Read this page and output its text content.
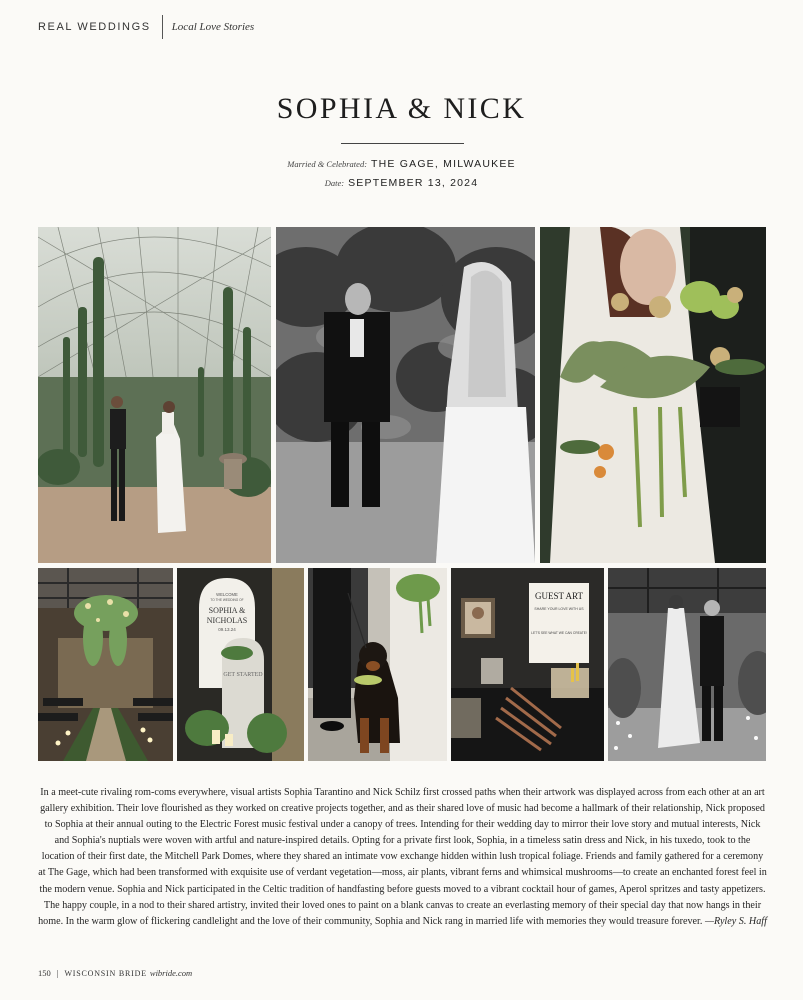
REAL WEDDINGS Local Love Stories
SOPHIA & NICK
Married & Celebrated: THE GAGE, MILWAUKEE
Date: SEPTEMBER 13, 2024
WELCOME
TO THE WEDDING OF
SOPHIA &
NICHOLAS
09.13.24
GET STARTED
GUEST ART
SHARE YOUR LOVE WITH US
LET'S SEE WHAT WE CAN CREATE!
In a meet-cute rivaling rom-coms everywhere, visual artists Sophia Tarantino and Nick Schilz first crossed paths when their artwork was displayed across from each other at an art gallery exhibition. Their love flourished as they worked on creative projects together, and as their shared love of music had become a hallmark of their relationship, Nick proposed to Sophia at their annual outing to the Electric Forest music festival under a canopy of trees. Intending for their wedding day to mirror their love story and mutual interests, Nick and Sophia's nuptials were woven with artful and nature-inspired details. Opting for a private first look, Sophia, in a timeless satin dress and Nick, in his tuxedo, took to the location of their first date, the Mitchell Park Domes, where they shared an intimate vow exchange hidden within lush tropical foliage. Friends and family gathered for a ceremony at The Gage, which had been transformed with exquisite use of verdant vegetation—moss, air plants, vibrant ferns and whimsical mushrooms—to create an enchanted forest feel in the modern venue. Sophia and Nick participated in the Celtic tradition of handfasting before guests moved to a vibrant cocktail hour of games, Aperol spritzes and tasty appetizers. The happy couple, in a nod to their shared artistry, invited their loved ones to paint on a blank canvas to create an everlasting memory of their special day that now hangs in their home. In the warm glow of flickering candlelight and the love of their community, Sophia and Nick rang in married life with memories they would treasure forever. —Ryley S. Haff
150 | WISCONSIN BRIDE wibride.com
